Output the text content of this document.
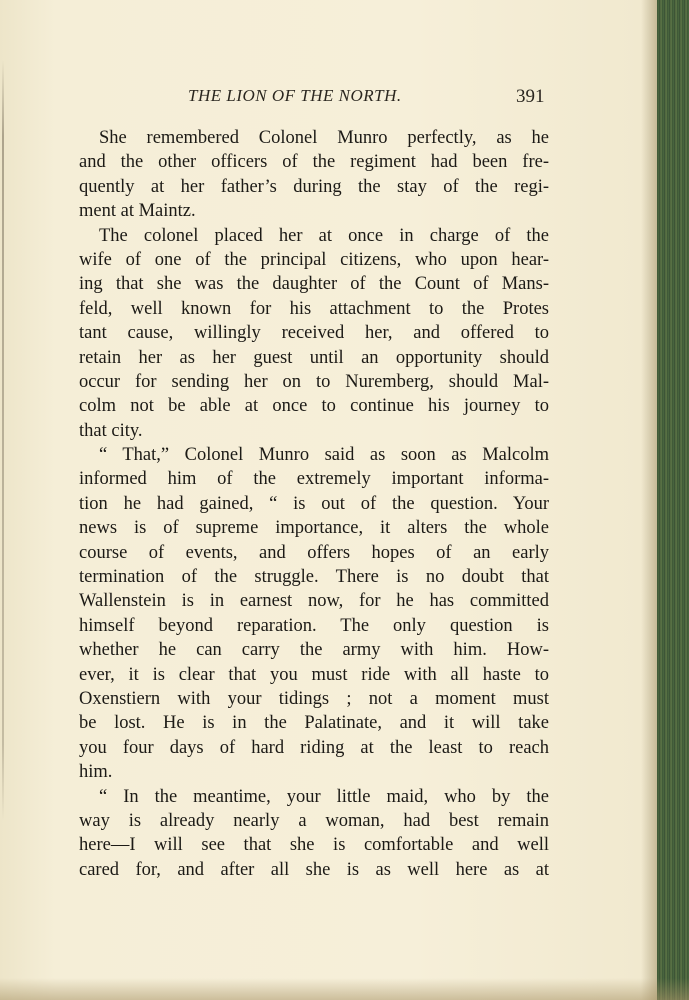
THE LION OF THE NORTH.	391
She remembered Colonel Munro perfectly, as he
and the other officers of the regiment had been fre-
quently at her father’s during the stay of the regi-
ment at Maintz.
The colonel placed her at once in charge of the
wife of one of the principal citizens, who upon hear-
ing that she was the daughter of the Count of Mans-
feld, well known for his attachment to the Protes
tant cause, willingly received her, and offered to
retain her as her guest until an opportunity should
occur for sending her on to Nuremberg, should Mal-
colm not be able at once to continue his journey to
that city.
“ That,” Colonel Munro said as soon as Malcolm
informed him of the extremely important informa-
tion he had gained, “ is out of the question. Your
news is of supreme importance, it alters the whole
course of events, and offers hopes of an early
termination of the struggle. There is no doubt that
Wallenstein is in earnest now, for he has committed
himself beyond reparation. The only question is
whether he can carry the army with him. How-
ever, it is clear that you must ride with all haste to
Oxenstiern with your tidings ; not a moment must
be lost. He is in the Palatinate, and it will take
you four days of hard riding at the least to reach
him.
“ In the meantime, your little maid, who by the
way is already nearly a woman, had best remain
here—I will see that she is comfortable and well
cared for, and after all she is as well here as at
